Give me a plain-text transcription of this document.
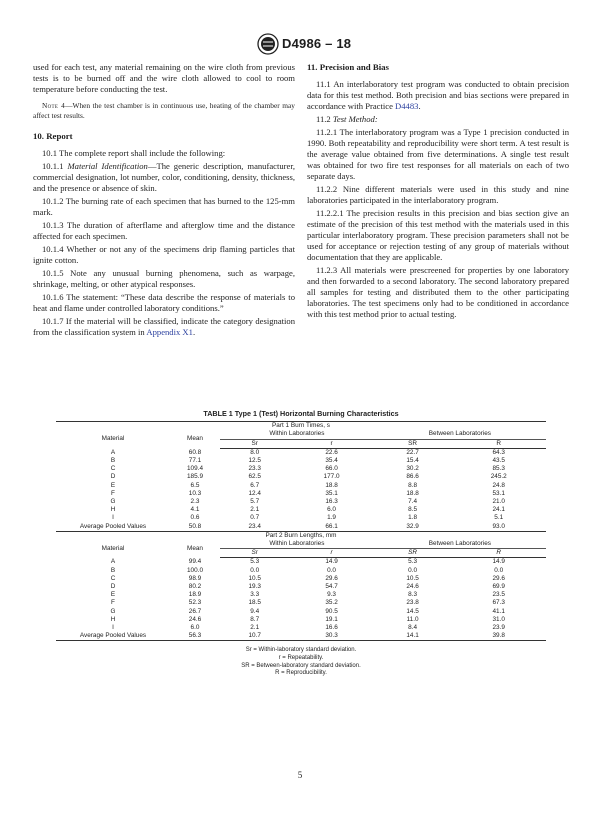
D4986 – 18

used for each test, any material remaining on the wire cloth from previous tests is to be burned off and the wire cloth allowed to cool to room temperature before conducting the test.

Note 4—When the test chamber is in continuous use, heating of the chamber may affect test results.

10. Report

10.1 The complete report shall include the following:

10.1.1 Material Identification—The generic description, manufacturer, commercial designation, lot number, color, conditioning, density, thickness, and the presence or absence of skin.

10.1.2 The burning rate of each specimen that has burned to the 125-mm mark.

10.1.3 The duration of afterflame and afterglow time and the distance affected for each specimen.

10.1.4 Whether or not any of the specimens drip flaming particles that ignite cotton.

10.1.5 Note any unusual burning phenomena, such as warpage, shrinkage, melting, or other atypical responses.

10.1.6 The statement: “These data describe the response of materials to heat and flame under controlled laboratory conditions.”

10.1.7 If the material will be classified, indicate the category designation from the classification system in Appendix X1.

11. Precision and Bias

11.1 An interlaboratory test program was conducted to obtain precision data for this test method. Both precision and bias sections were prepared in accordance with Practice D4483.

11.2 Test Method:

11.2.1 The interlaboratory program was a Type 1 precision conducted in 1990. Both repeatability and reproducibility were short term. A test result is the average value obtained from five determinations. A single test result was obtained for two fire test responses for all materials on each of two separate days.

11.2.2 Nine different materials were used in this study and nine laboratories participated in the interlaboratory program.

11.2.2.1 The precision results in this precision and bias section give an estimate of the precision of this test method with the materials used in this particular interlaboratory program. These precision parameters shall not be used for acceptance or rejection testing of any group of materials without documentation that they are applicable.

11.2.3 All materials were prescreened for properties by one laboratory and then forwarded to a second laboratory. The second laboratory prepared all samples for testing and distributed them to the other participating laboratories. The test specimens only had to be conditioned in accordance with this test method prior to actual testing.

TABLE 1 Type 1 (Test) Horizontal Burning Characteristics
Part 1 Burn Times, s					
Material	Mean	Within Laboratories		Between Laboratories	
		Sr	r	SR	R
A	60.8	8.0	22.6	22.7	64.3
B	77.1	12.5	35.4	15.4	43.5
C	109.4	23.3	66.0	30.2	85.3
D	185.9	62.5	177.0	86.6	245.2
E	6.5	6.7	18.8	8.8	24.8
F	10.3	12.4	35.1	18.8	53.1
G	2.3	5.7	16.3	7.4	21.0
H	4.1	2.1	6.0	8.5	24.1
I	0.6	0.7	1.9	1.8	5.1
Average Pooled Values	50.8	23.4	66.1	32.9	93.0
Part 2 Burn Lengths, mm					
Material	Mean	Within Laboratories		Between Laboratories	
		Sr	r	SR	R
A	99.4	5.3	14.9	5.3	14.9
B	100.0	0.0	0.0	0.0	0.0
C	98.9	10.5	29.6	10.5	29.6
D	80.2	19.3	54.7	24.6	69.9
E	18.9	3.3	9.3	8.3	23.5
F	52.3	18.5	35.2	23.8	67.3
G	26.7	9.4	90.5	14.5	41.1
H	24.6	8.7	19.1	11.0	31.0
I	6.0	2.1	16.6	8.4	23.9
Average Pooled Values	56.3	10.7	30.3	14.1	39.8
Sr = Within-laboratory standard deviation.
r = Repeatability.
SR = Between-laboratory standard deviation.
R = Reproducibility.
5
